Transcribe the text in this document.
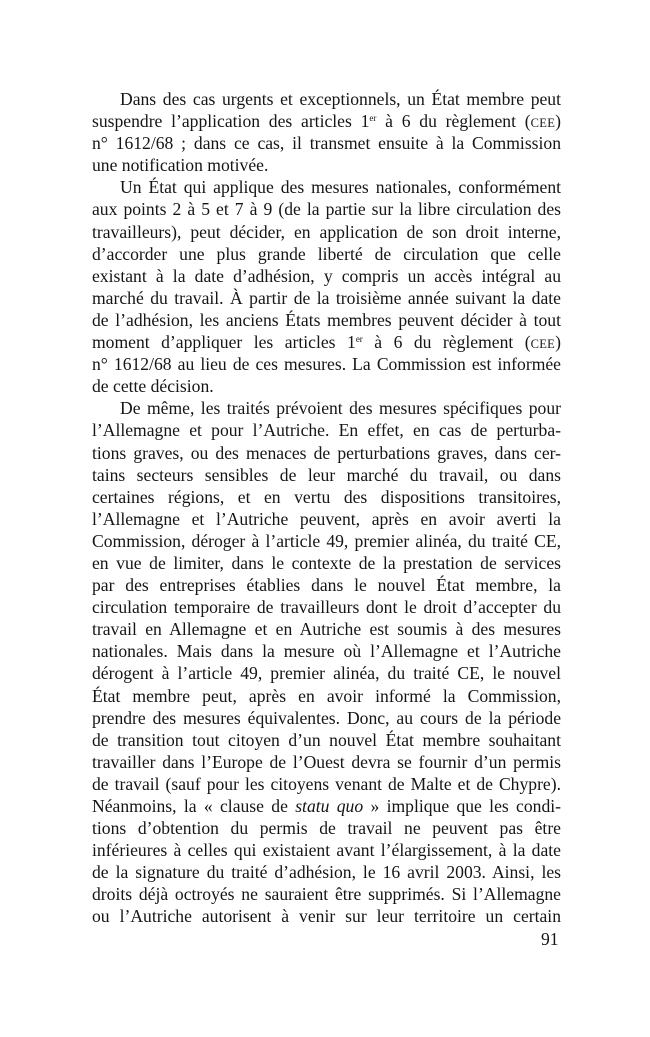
Dans des cas urgents et exceptionnels, un État membre peut
suspendre l’application des articles 1er à 6 du règlement (CEE)
n° 1612/68 ; dans ce cas, il transmet ensuite à la Commission
une notification motivée.
Un État qui applique des mesures nationales, conformément
aux points 2 à 5 et 7 à 9 (de la partie sur la libre circulation des
travailleurs), peut décider, en application de son droit interne,
d’accorder une plus grande liberté de circulation que celle
existant à la date d’adhésion, y compris un accès intégral au
marché du travail. À partir de la troisième année suivant la date
de l’adhésion, les anciens États membres peuvent décider à tout
moment d’appliquer les articles 1er à 6 du règlement (CEE)
n° 1612/68 au lieu de ces mesures. La Commission est informée
de cette décision.
De même, les traités prévoient des mesures spécifiques pour
l’Allemagne et pour l’Autriche. En effet, en cas de perturba-
tions graves, ou des menaces de perturbations graves, dans cer-
tains secteurs sensibles de leur marché du travail, ou dans
certaines régions, et en vertu des dispositions transitoires,
l’Allemagne et l’Autriche peuvent, après en avoir averti la
Commission, déroger à l’article 49, premier alinéa, du traité CE,
en vue de limiter, dans le contexte de la prestation de services
par des entreprises établies dans le nouvel État membre, la
circulation temporaire de travailleurs dont le droit d’accepter du
travail en Allemagne et en Autriche est soumis à des mesures
nationales. Mais dans la mesure où l’Allemagne et l’Autriche
dérogent à l’article 49, premier alinéa, du traité CE, le nouvel
État membre peut, après en avoir informé la Commission,
prendre des mesures équivalentes. Donc, au cours de la période
de transition tout citoyen d’un nouvel État membre souhaitant
travailler dans l’Europe de l’Ouest devra se fournir d’un permis
de travail (sauf pour les citoyens venant de Malte et de Chypre).
Néanmoins, la « clause de statu quo » implique que les condi-
tions d’obtention du permis de travail ne peuvent pas être
inférieures à celles qui existaient avant l’élargissement, à la date
de la signature du traité d’adhésion, le 16 avril 2003. Ainsi, les
droits déjà octroyés ne sauraient être supprimés. Si l’Allemagne
ou l’Autriche autorisent à venir sur leur territoire un certain
91
